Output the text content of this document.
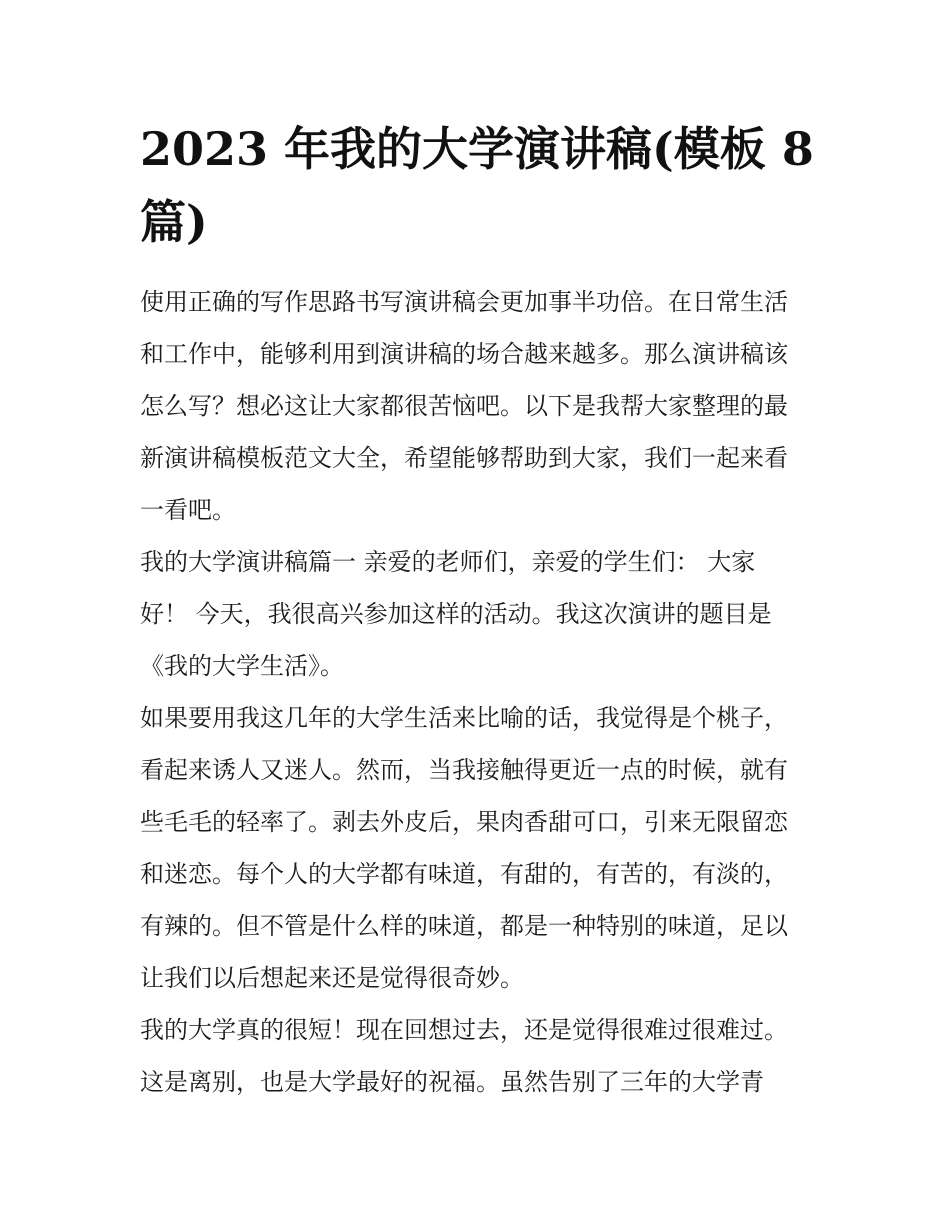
2023 年我的大学演讲稿(模板 8
篇)

使用正确的写作思路书写演讲稿会更加事半功倍。在日常生活
和工作中，能够利用到演讲稿的场合越来越多。那么演讲稿该
怎么写？想必这让大家都很苦恼吧。以下是我帮大家整理的最
新演讲稿模板范文大全，希望能够帮助到大家，我们一起来看
一看吧。

我的大学演讲稿篇一 亲爱的老师们，亲爱的学生们： 大家
好！ 今天，我很高兴参加这样的活动。我这次演讲的题目是
《我的大学生活》。

如果要用我这几年的大学生活来比喻的话，我觉得是个桃子，
看起来诱人又迷人。然而，当我接触得更近一点的时候，就有
些毛毛的轻率了。剥去外皮后，果肉香甜可口，引来无限留恋
和迷恋。每个人的大学都有味道，有甜的，有苦的，有淡的，
有辣的。但不管是什么样的味道，都是一种特别的味道，足以
让我们以后想起来还是觉得很奇妙。

我的大学真的很短！现在回想过去，还是觉得很难过很难过。
这是离别，也是大学最好的祝福。虽然告别了三年的大学青
